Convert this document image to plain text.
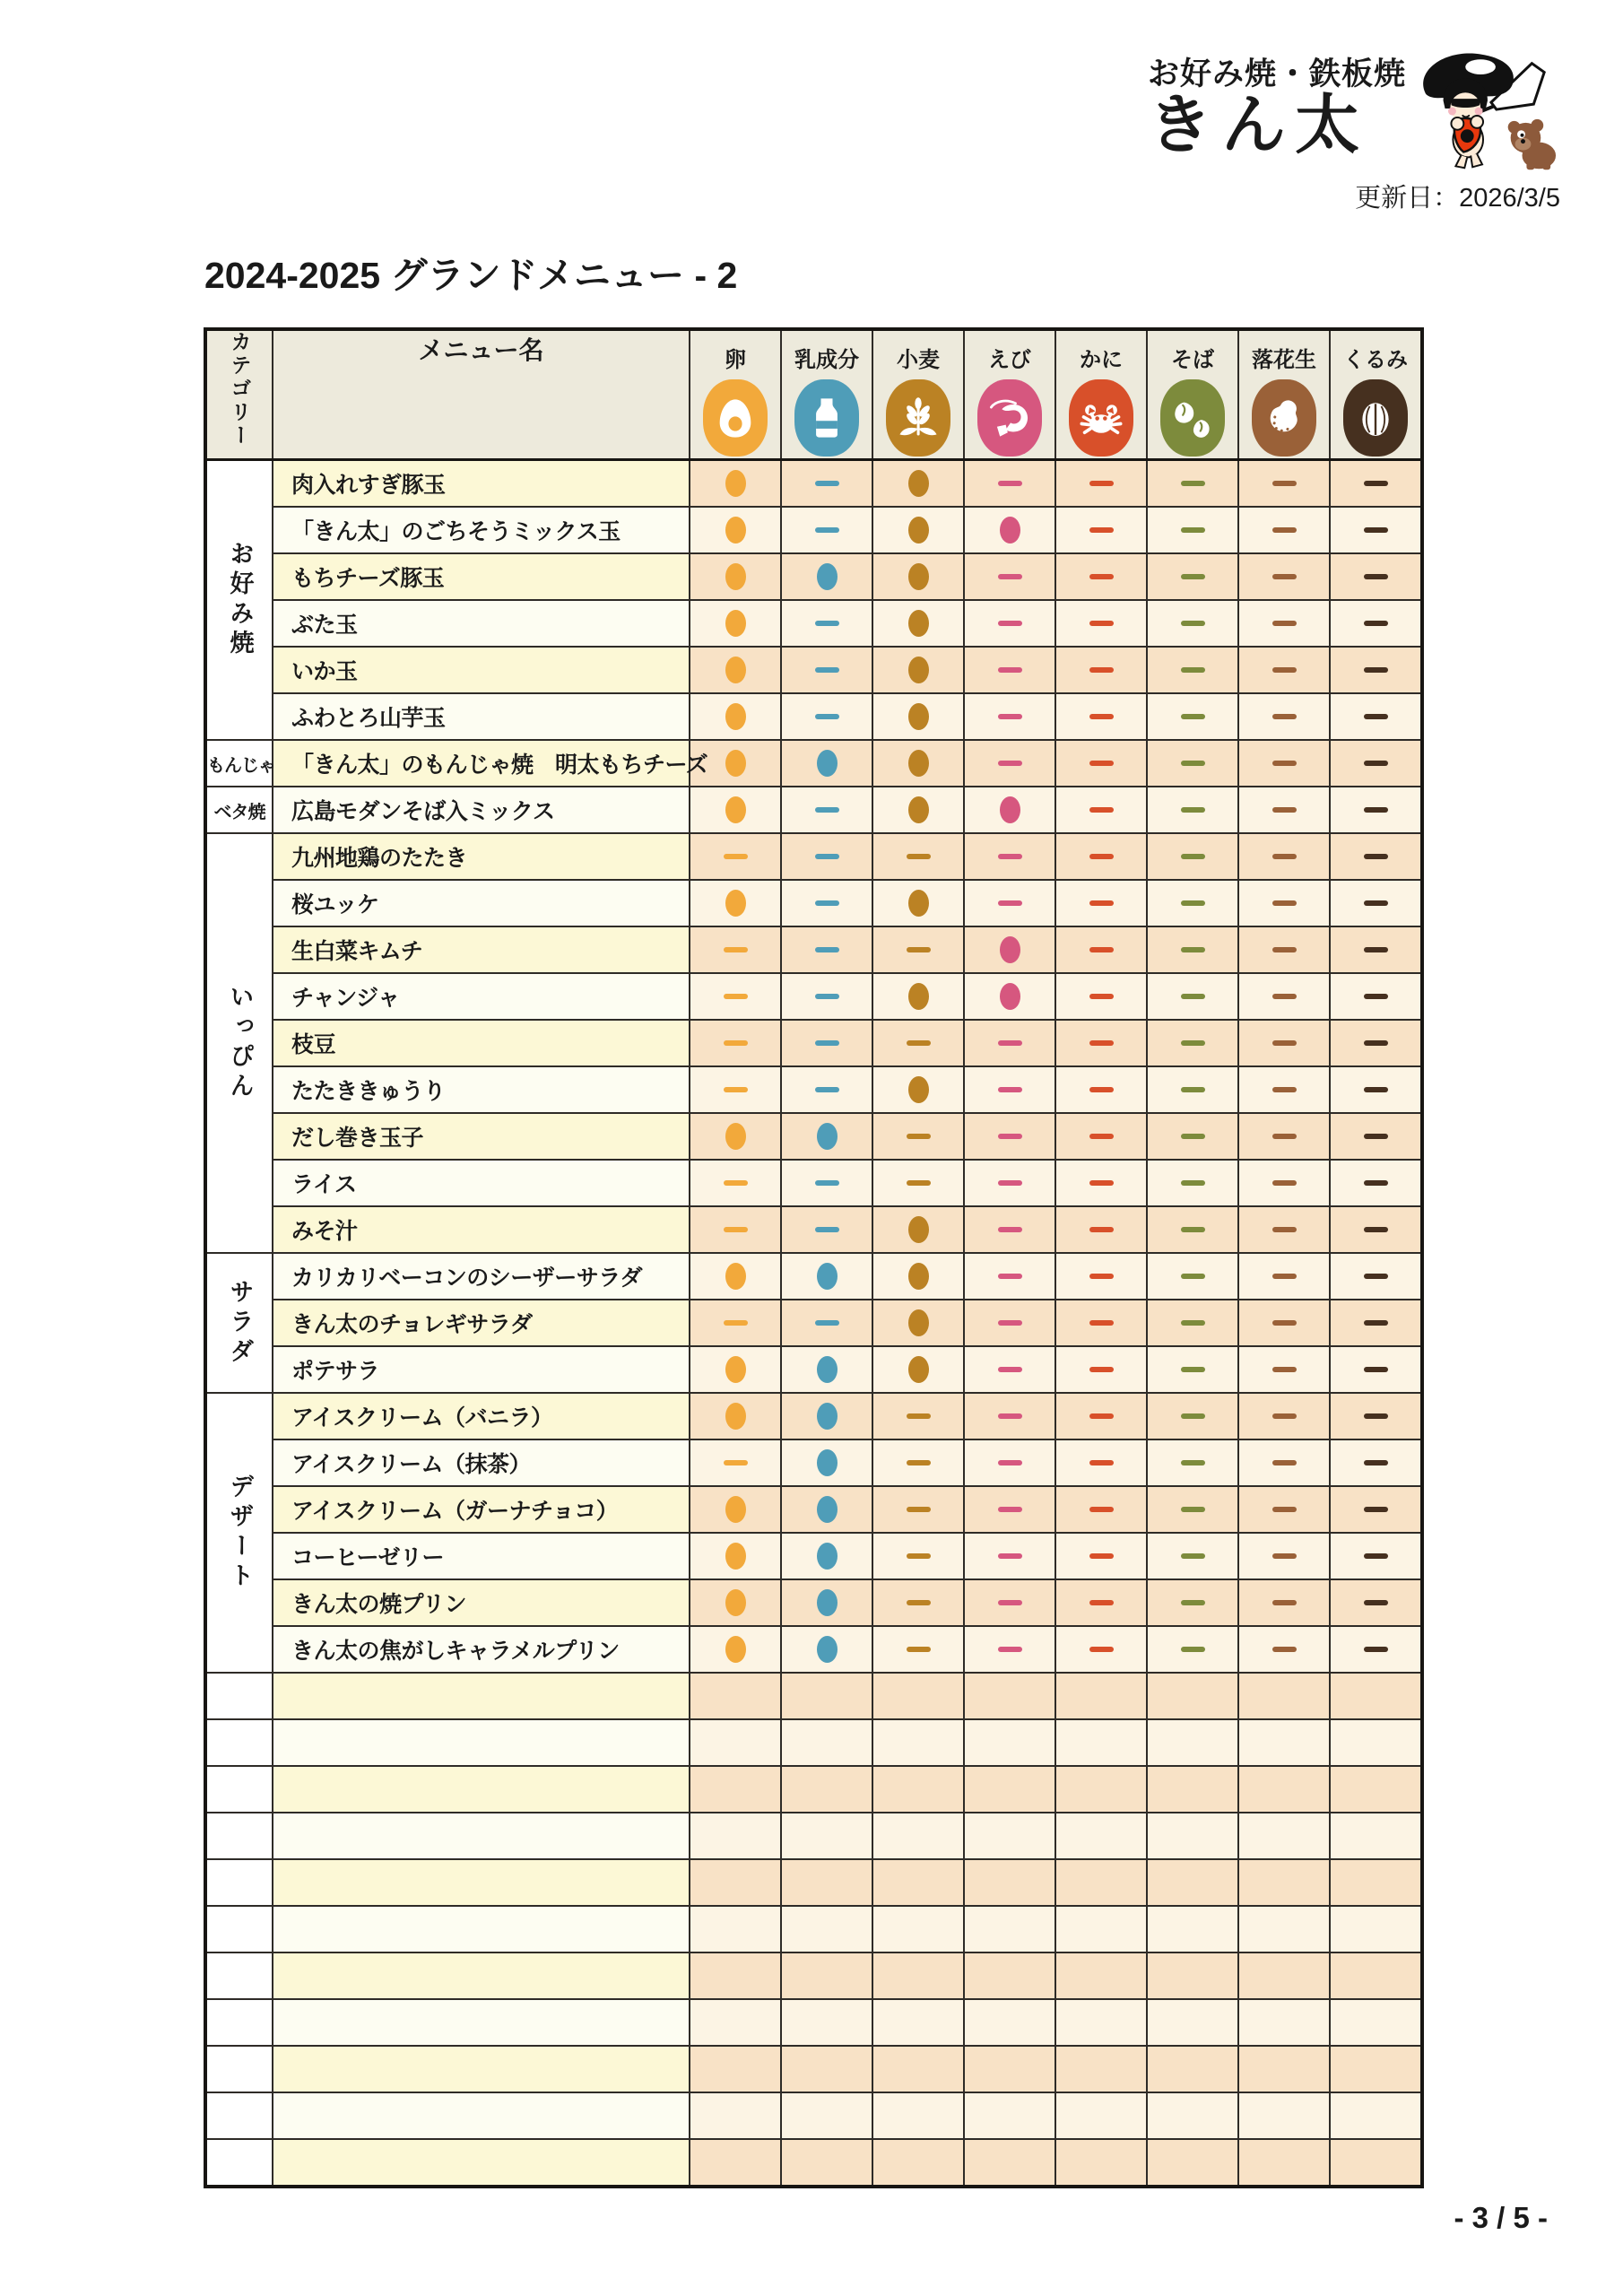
お好み焼・鉄板焼
きん太
更新日：2026/3/5
2024-2025 グランドメニュー - 2
カテゴリー	メニュー名	卵	乳成分	小麦	えび	かに	そば	落花生	くるみ

お好み焼	肉入れすぎ豚玉								
	「きん太」のごちそうミックス玉								
	もちチーズ豚玉								
	ぶた玉								
	いか玉								
	ふわとろ山芋玉								
もんじゃ	「きん太」のもんじゃ焼　明太もちチーズ								
ベタ焼	広島モダンそば入ミックス								

いっぴん	九州地鶏のたたき								
	桜ユッケ								
	生白菜キムチ								
	チャンジャ								
	枝豆								
	たたききゅうり								
	だし巻き玉子								
	ライス								
	みそ汁								

サラダ	カリカリベーコンのシーザーサラダ								
	きん太のチョレギサラダ								
	ポテサラ								

デザート	アイスクリーム（バニラ）								
	アイスクリーム（抹茶）								
	アイスクリーム（ガーナチョコ）								
	コーヒーゼリー								
	きん太の焼プリン								
	きん太の焦がしキャラメルプリン								

- 3 / 5 -
